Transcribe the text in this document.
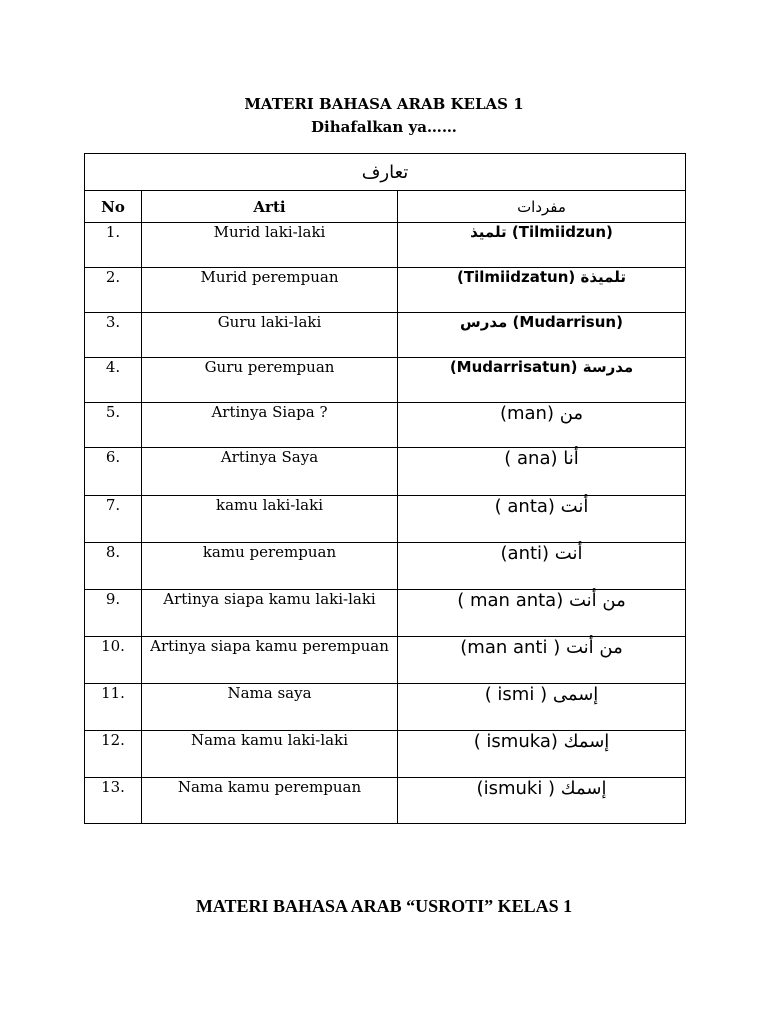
MATERI BAHASA ARAB KELAS 1
Dihafalkan ya……
تعارف		
No	Arti	مفردات
1.	Murid laki-laki	تلميذ (Tilmiidzun)
2.	Murid perempuan	(Tilmiidzatun) تلميذة
3.	Guru laki-laki	مدرس (Mudarrisun)
4.	Guru perempuan	(Mudarrisatun) مدرسة
5.	Artinya Siapa ?	(man) من
6.	Artinya Saya	( ana) أنا
7.	kamu laki-laki	( anta) أنت
8.	kamu perempuan	(anti) أنت
9.	Artinya siapa kamu laki-laki	( man anta) من أنت
10.	Artinya siapa kamu perempuan	(man anti ) من أنت
11.	Nama saya	( ismi ) إسمى
12.	Nama kamu laki-laki	( ismuka) إسمك
13.	Nama kamu perempuan	(ismuki ) إسمك
MATERI BAHASA ARAB “USROTI” KELAS 1
